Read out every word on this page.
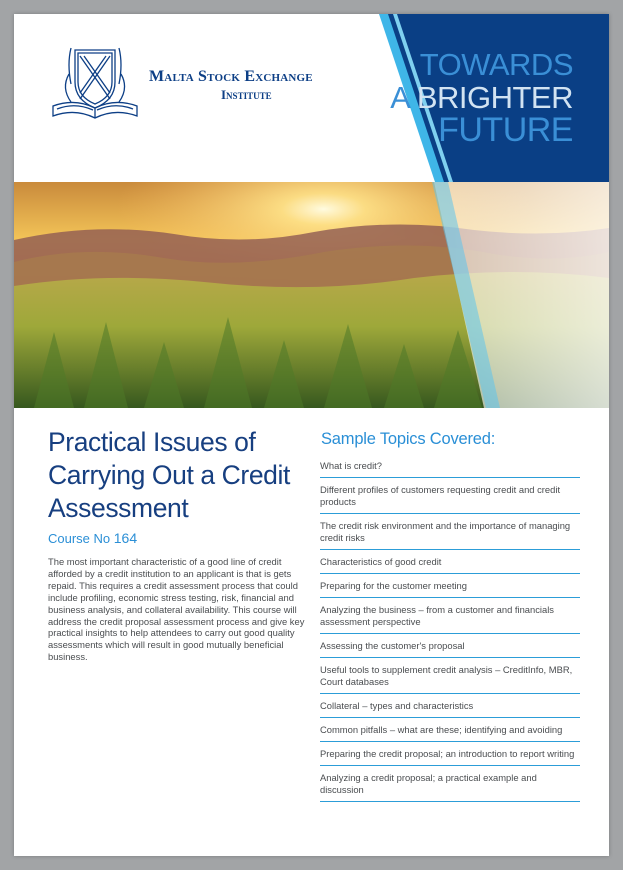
Malta Stock Exchange
Institute
TOWARDS
A BRIGHTER
FUTURE
Practical Issues of Carrying Out a Credit Assessment
Course No 164

The most important characteristic of a good line of credit afforded by a credit institution to an applicant is that is gets repaid. This requires a credit assessment process that could include profiling, economic stress testing, risk, financial and business analysis, and collateral availability. This course will address the credit proposal assessment process and give key practical insights to help attendees to carry out good quality assessments which will result in good mutually beneficial business.

Sample Topics Covered:
What is credit?
Different profiles of customers requesting credit and credit products
The credit risk environment and the importance of managing credit risks
Characteristics of good credit
Preparing for the customer meeting
Analyzing the business – from a customer and financials assessment perspective
Assessing the customer's proposal
Useful tools to supplement credit analysis – CreditInfo, MBR, Court databases
Collateral – types and characteristics
Common pitfalls – what are these; identifying and avoiding
Preparing the credit proposal; an introduction to report writing
Analyzing a credit proposal; a practical example and discussion
